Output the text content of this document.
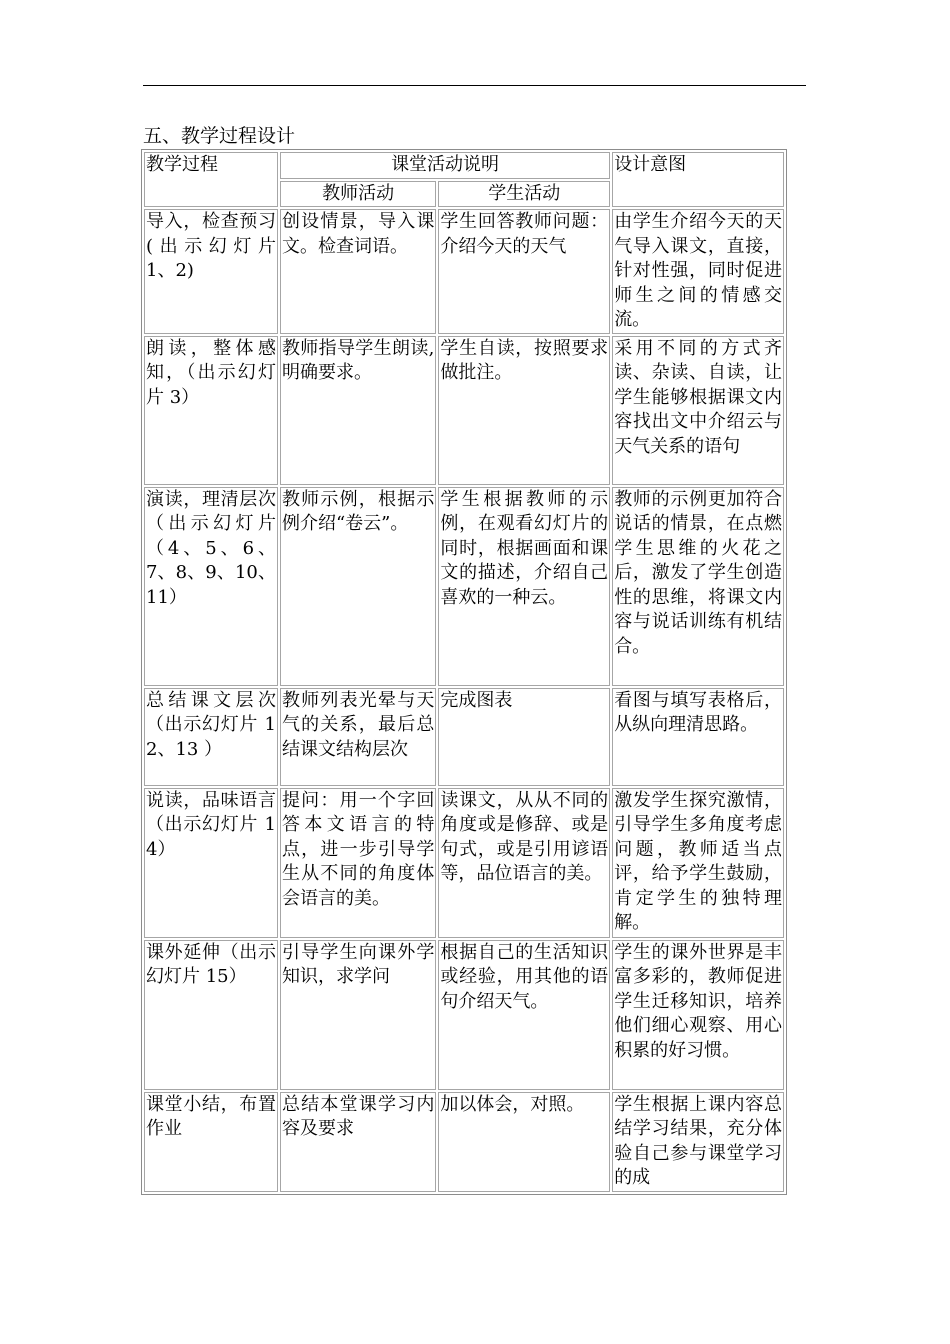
五、教学过程设计
教学过程	课堂活动说明		设计意图
	教师活动	学生活动	
导入，检查预习(出示幻灯片 1、2)	创设情景，导入课文。检查词语。	学生回答教师问题：介绍今天的天气	由学生介绍今天的天气导入课文，直接，针对性强，同时促进师生之间的情感交流。
朗读，整体感知，（出示幻灯片 3）	教师指导学生朗读,明确要求。	学生自读，按照要求做批注。	采用不同的方式齐读、杂读、自读，让学生能够根据课文内容找出文中介绍云与天气关系的语句
演读，理清层次（出示幻灯片（4、5、6、7、8、9、10、11）	教师示例，根据示例介绍“卷云”。	学生根据教师的示例，在观看幻灯片的同时，根据画面和课文的描述，介绍自己喜欢的一种云。	教师的示例更加符合说话的情景，在点燃学生思维的火花之后，激发了学生创造性的思维，将课文内容与说话训练有机结合。
总结课文层次（出示幻灯片 12、13 ）	教师列表光晕与天气的关系，最后总结课文结构层次	完成图表	看图与填写表格后，从纵向理清思路。
说读，品味语言（出示幻灯片 14）	提问：用一个字回答本文语言的特点，进一步引导学生从不同的角度体会语言的美。	读课文，从从不同的角度或是修辞、或是句式，或是引用谚语等，品位语言的美。	激发学生探究激情，引导学生多角度考虑问题，教师适当点评，给予学生鼓励，肯定学生的独特理解。
课外延伸（出示幻灯片 15）	引导学生向课外学知识，求学问	根据自己的生活知识或经验，用其他的语句介绍天气。	学生的课外世界是丰富多彩的，教师促进学生迁移知识，培养他们细心观察、用心积累的好习惯。
课堂小结，布置作业	总结本堂课学习内容及要求	加以体会，对照。	学生根据上课内容总结学习结果，充分体验自己参与课堂学习的成
